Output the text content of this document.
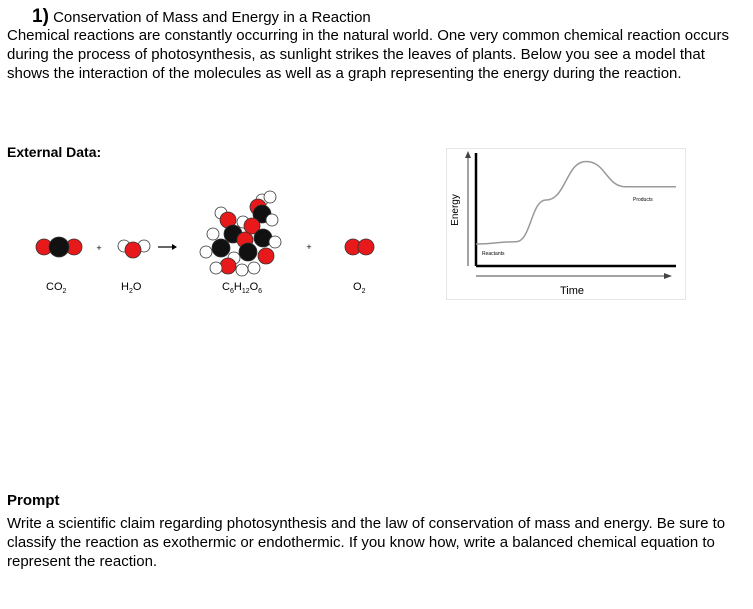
1) Conservation of Mass and Energy in a Reaction
Chemical reactions are constantly occurring in the natural world. One very common chemical reaction occurs during the process of photosynthesis, as sunlight strikes the leaves of plants. Below you see a model that shows the interaction of the molecules as well as a graph representing the energy during the reaction.
External Data:
+	+
$CO_2$	$H_2O$	$C_6H_{12}O_6$	$O_2$
Energy
Time
Reactants
Products
Prompt
Write a scientific claim regarding photosynthesis and the law of conservation of mass and energy. Be sure to classify the reaction as exothermic or endothermic. If you know how, write a balanced chemical equation to represent the reaction.
